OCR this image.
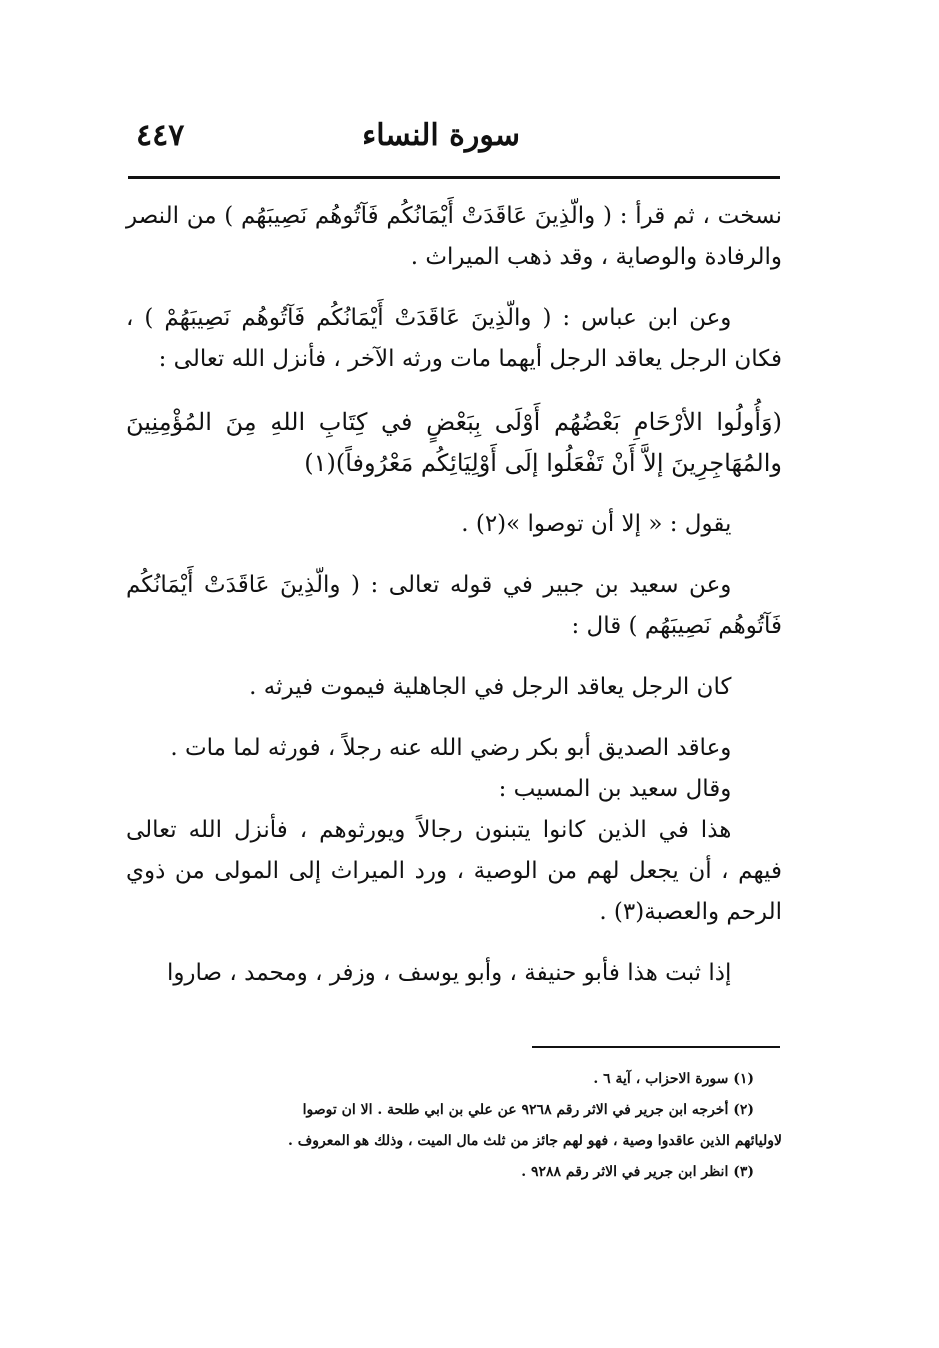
سورة النساء
٤٤٧

نسخت ، ثم قرأ : ( والّذِينَ عَاقَدَتْ أَيْمَانُكُم فَآتُوهُم نَصِيبَهُم ) من النصر والرفادة والوصاية ، وقد ذهب الميراث .

وعن ابن عباس : ( والّذِينَ عَاقَدَتْ أَيْمَانُكُم فَآتُوهُم نَصِيبَهُمْ ) ، فكان الرجل يعاقد الرجل أيهما مات ورثه الآخر ، فأنزل الله تعالى :

(وَأُولُوا الأرْحَامِ بَعْضُهُم أَوْلَى بِبَعْضٍ في كِتَابِ اللهِ مِنَ المُؤْمِنِينَ والمُهَاجِرِينَ إلاَّ أَنْ تَفْعَلُوا إلَى أَوْلِيَائِكُم مَعْرُوفاً)(١)

يقول : « إلا أن توصوا »(٢) .

وعن سعيد بن جبير في قوله تعالى : ( والّذِينَ عَاقَدَتْ أَيْمَانُكُم فَآتُوهُم نَصِيبَهُم ) قال :

كان الرجل يعاقد الرجل في الجاهلية فيموت فيرثه .

وعاقد الصديق أبو بكر رضي الله عنه رجلاً ، فورثه لما مات .

وقال سعيد بن المسيب :

هذا في الذين كانوا يتبنون رجالاً ويورثوهم ، فأنزل الله تعالى فيهم ، أن يجعل لهم من الوصية ، ورد الميراث إلى المولى من ذوي الرحم والعصبة(٣) .

إذا ثبت هذا فأبو حنيفة ، وأبو يوسف ، وزفر ، ومحمد ، صاروا

(١) سورة الاحزاب ، آية ٦ .

(٢) أخرجه ابن جرير في الاثر رقم ٩٢٦٨ عن علي بن ابي طلحة . الا ان توصوا

لاوليائهم الذين عاقدوا وصية ، فهو لهم جائز من ثلث مال الميت ، وذلك هو المعروف .

(٣) انظر ابن جرير في الاثر رقم ٩٢٨٨ .
